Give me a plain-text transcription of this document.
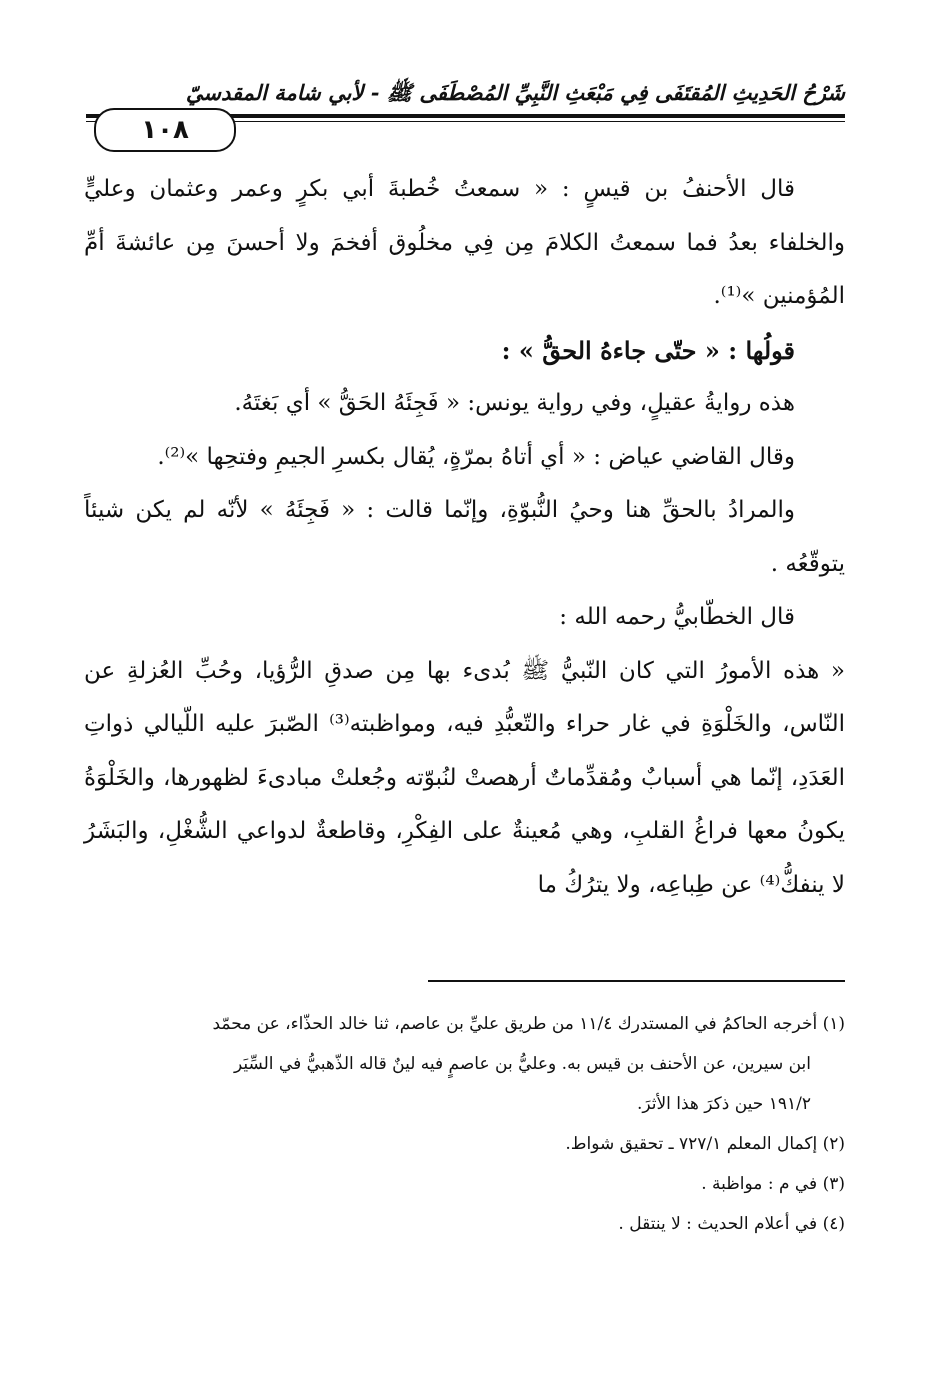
شَرْحُ الحَدِيثِ المُقتَفَى فِي مَبْعَثِ النَّبِيِّ المُصْطَفَى ﷺ - لأبي شامة المقدسيّ
١٠٨

قال الأحنفُ بن قيسٍ : « سمعتُ خُطبةَ أبي بكرٍ وعمر وعثمان وعليٍّ والخلفاء بعدُ فما سمعتُ الكلامَ مِن فِي مخلُوق أفخمَ ولا أحسنَ مِن عائشةَ أمِّ المُؤمنين »⁽¹⁾.

قولُها : « حتّى جاءهُ الحقُّ » :

هذه روايةُ عقيلٍ، وفي رواية يونس: « فَجِئَهُ الحَقُّ » أي بَغتَهُ.

وقال القاضي عياض : « أي أتاهُ بمرّةٍ، يُقال بكسرِ الجيمِ وفتحِها »⁽²⁾.

والمرادُ بالحقِّ هنا وحيُ النُّبوّةِ، وإنّما قالت : « فَجِئَهُ » لأنّه لم يكن شيئاً يتوقّعُه .

قال الخطّابيُّ رحمه الله :

« هذه الأمورُ التي كان النّبيُّ ﷺ بُدىء بها مِن صدقِ الرُّؤيا، وحُبِّ العُزلةِ عن النّاس، والخَلْوَةِ في غار حراء والتّعبُّدِ فيه، ومواظبته⁽³⁾ الصّبرَ عليه اللّيالي ذواتِ العَدَدِ، إنّما هي أسبابٌ ومُقدِّماتٌ أرهصتْ لنُبوّته وجُعلتْ مبادىءَ لظهورها، والخَلْوَةُ يكونُ معها فراغُ القلبِ، وهي مُعينةٌ على الفِكْرِ، وقاطعةٌ لدواعي الشُّغْلِ، والبَشَرُ لا ينفكُّ⁽⁴⁾ عن طِباعِه، ولا يترُكُ ما

(١) أخرجه الحاكمُ في المستدرك ١١/٤ من طريق عليِّ بن عاصم، ثنا خالد الحذّاء، عن محمّد

ابن سيرين، عن الأحنف بن قيس به. وعليُّ بن عاصمٍ فيه لينٌ قاله الذّهبيُّ في السِّيَر

١٩١/٢ حين ذكرَ هذا الأثرَ.

(٢) إكمال المعلم ٧٢٧/١ ـ تحقيق شواط.

(٣) في م : مواظبة .

(٤) في أعلام الحديث : لا ينتقل .
